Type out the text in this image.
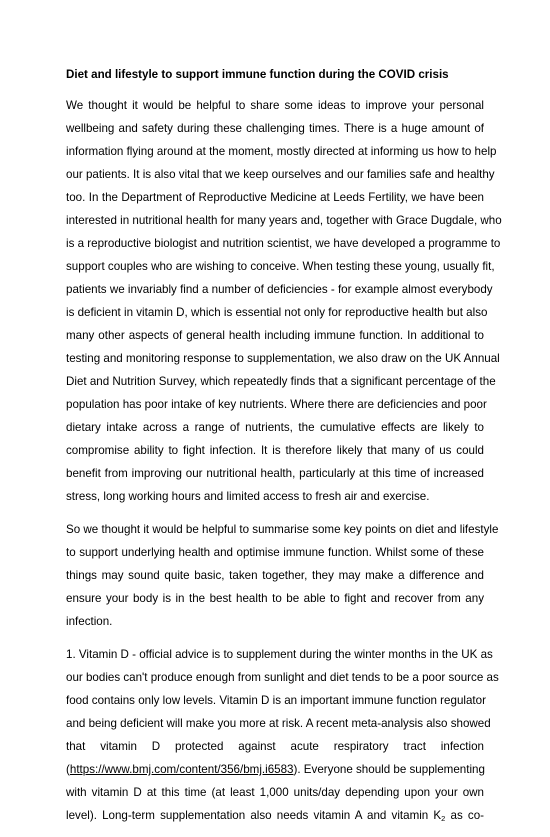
Diet and lifestyle to support immune function during the COVID crisis
We thought it would be helpful to share some ideas to improve your personal
wellbeing and safety during these challenging times. There is a huge amount of
information flying around at the moment, mostly directed at informing us how to help
our patients. It is also vital that we keep ourselves and our families safe and healthy
too. In the Department of Reproductive Medicine at Leeds Fertility, we have been
interested in nutritional health for many years and, together with Grace Dugdale, who
is a reproductive biologist and nutrition scientist, we have developed a programme to
support couples who are wishing to conceive. When testing these young, usually fit,
patients we invariably find a number of deficiencies - for example almost everybody
is deficient in vitamin D, which is essential not only for reproductive health but also
many other aspects of general health including immune function. In additional to
testing and monitoring response to supplementation, we also draw on the UK Annual
Diet and Nutrition Survey, which repeatedly finds that a significant percentage of the
population has poor intake of key nutrients. Where there are deficiencies and poor
dietary intake across a range of nutrients, the cumulative effects are likely to
compromise ability to fight infection. It is therefore likely that many of us could
benefit from improving our nutritional health, particularly at this time of increased
stress, long working hours and limited access to fresh air and exercise.
So we thought it would be helpful to summarise some key points on diet and lifestyle
to support underlying health and optimise immune function. Whilst some of these
things may sound quite basic, taken together, they may make a difference and
ensure your body is in the best health to be able to fight and recover from any
infection.
1. Vitamin D - official advice is to supplement during the winter months in the UK as
our bodies can't produce enough from sunlight and diet tends to be a poor source as
food contains only low levels. Vitamin D is an important immune function regulator
and being deficient will make you more at risk. A recent meta-analysis also showed
that vitamin D protected against acute respiratory tract infection
(https://www.bmj.com/content/356/bmj.i6583). Everyone should be supplementing
with vitamin D at this time (at least 1,000 units/day depending upon your own
level). Long-term supplementation also needs vitamin A and vitamin K2 as co-
